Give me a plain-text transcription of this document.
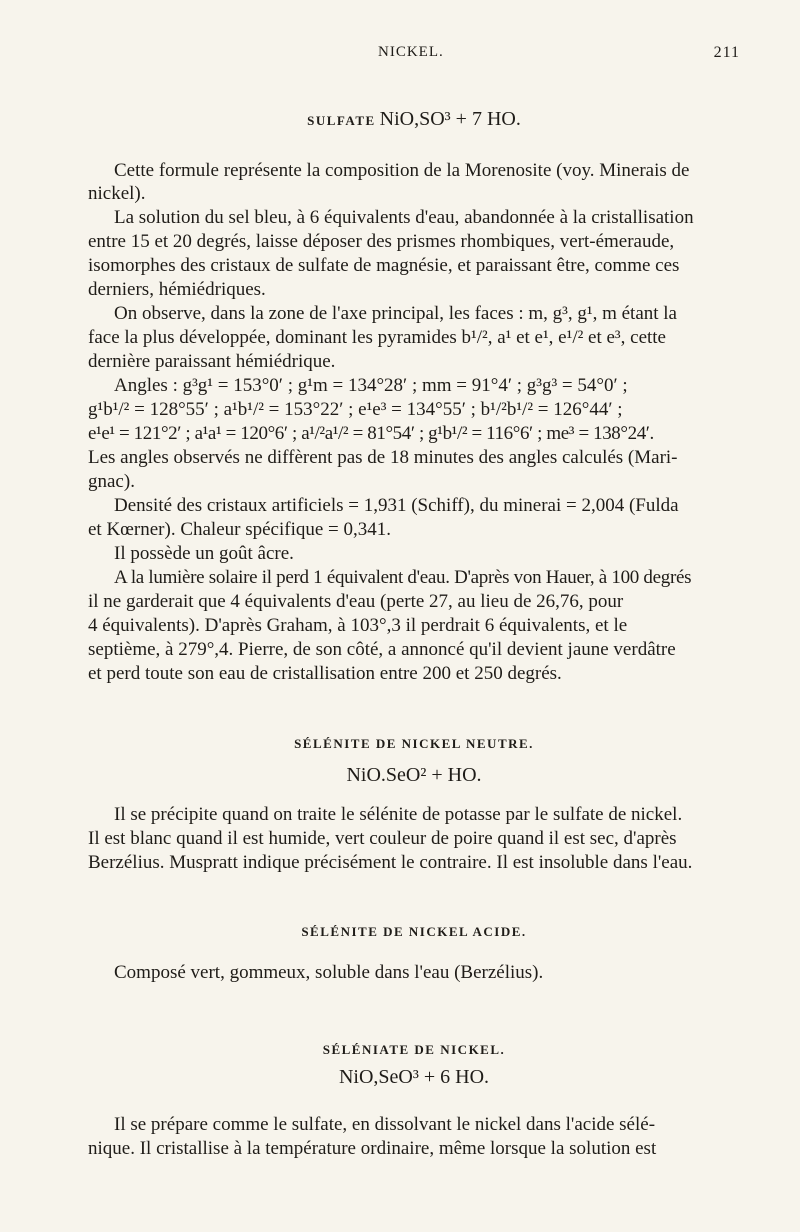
NICKEL.	211
SULFATE NiO,SO³ + 7 HO.
Cette formule représente la composition de la Morenosite (voy. Minerais de
nickel).
La solution du sel bleu, à 6 équivalents d'eau, abandonnée à la cristallisation
entre 15 et 20 degrés, laisse déposer des prismes rhombiques, vert-émeraude,
isomorphes des cristaux de sulfate de magnésie, et paraissant être, comme ces
derniers, hémiédriques.
On observe, dans la zone de l'axe principal, les faces : m, g³, g¹, m étant la
face la plus développée, dominant les pyramides b¹/², a¹ et e¹, e¹/² et e³, cette
dernière paraissant hémiédrique.
Angles : g³g¹ = 153°0′ ; g¹m = 134°28′ ; mm = 91°4′ ; g³g³ = 54°0′ ;
g¹b¹/² = 128°55′ ; a¹b¹/² = 153°22′ ; e¹e³ = 134°55′ ; b¹/²b¹/² = 126°44′ ;
e¹e¹ = 121°2′ ; a¹a¹ = 120°6′ ; a¹/²a¹/² = 81°54′ ; g¹b¹/² = 116°6′ ; me³ = 138°24′.
Les angles observés ne diffèrent pas de 18 minutes des angles calculés (Mari-
gnac).
Densité des cristaux artificiels = 1,931 (Schiff), du minerai = 2,004 (Fulda
et Kœrner). Chaleur spécifique = 0,341.
Il possède un goût âcre.
A la lumière solaire il perd 1 équivalent d'eau. D'après von Hauer, à 100 degrés
il ne garderait que 4 équivalents d'eau (perte 27, au lieu de 26,76, pour
4 équivalents). D'après Graham, à 103°,3 il perdrait 6 équivalents, et le
septième, à 279°,4. Pierre, de son côté, a annoncé qu'il devient jaune verdâtre
et perd toute son eau de cristallisation entre 200 et 250 degrés.
SÉLÉNITE DE NICKEL NEUTRE.
NiO.SeO² + HO.
Il se précipite quand on traite le sélénite de potasse par le sulfate de nickel.
Il est blanc quand il est humide, vert couleur de poire quand il est sec, d'après
Berzélius. Muspratt indique précisément le contraire. Il est insoluble dans l'eau.
SÉLÉNITE DE NICKEL ACIDE.
Composé vert, gommeux, soluble dans l'eau (Berzélius).
SÉLÉNIATE DE NICKEL.
NiO,SeO³ + 6 HO.
Il se prépare comme le sulfate, en dissolvant le nickel dans l'acide sélé-
nique. Il cristallise à la température ordinaire, même lorsque la solution est
